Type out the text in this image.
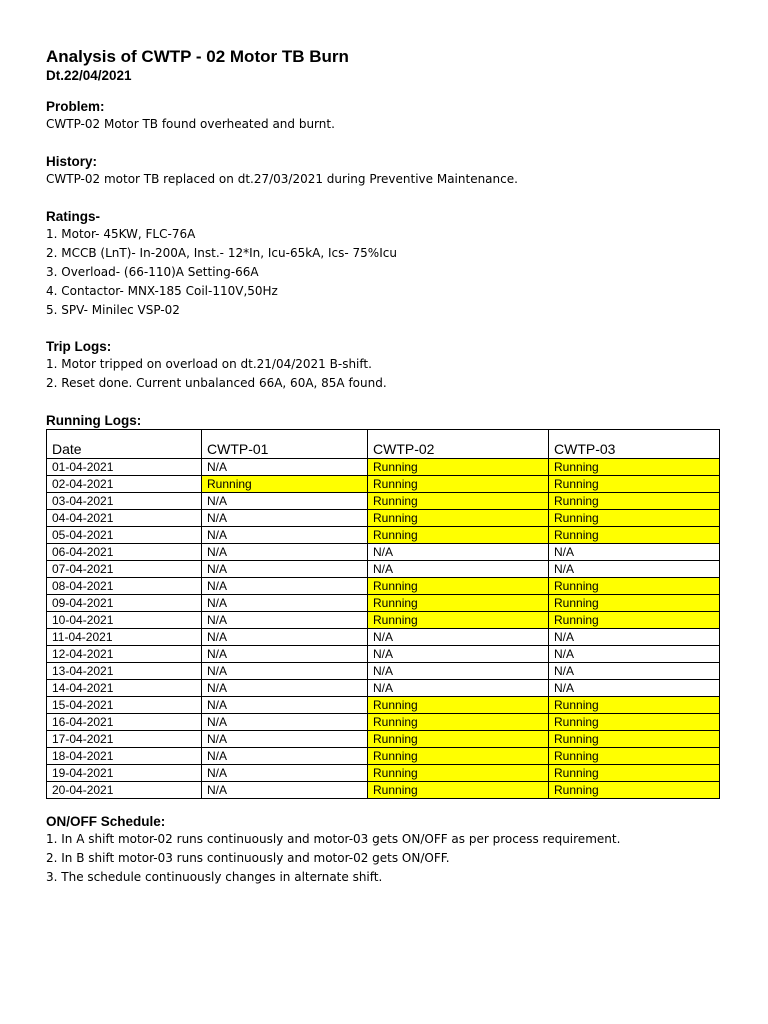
Analysis of CWTP - 02 Motor TB Burn

Dt.22/04/2021

Problem:

CWTP-02 Motor TB found overheated and burnt.

History:

CWTP-02 motor TB replaced on dt.27/03/2021 during Preventive Maintenance.

Ratings-

1. Motor- 45KW, FLC-76A

2. MCCB (LnT)- In-200A, Inst.- 12*In, Icu-65kA, Ics- 75%Icu

3. Overload- (66-110)A Setting-66A

4. Contactor- MNX-185 Coil-110V,50Hz

5. SPV- Minilec VSP-02

Trip Logs:

1. Motor tripped on overload on dt.21/04/2021 B-shift.

2. Reset done. Current unbalanced 66A, 60A, 85A found.

Running Logs:

Date	CWTP-01	CWTP-02	CWTP-03
01-04-2021	N/A	Running	Running
02-04-2021	Running	Running	Running
03-04-2021	N/A	Running	Running
04-04-2021	N/A	Running	Running
05-04-2021	N/A	Running	Running
06-04-2021	N/A	N/A	N/A
07-04-2021	N/A	N/A	N/A
08-04-2021	N/A	Running	Running
09-04-2021	N/A	Running	Running
10-04-2021	N/A	Running	Running
11-04-2021	N/A	N/A	N/A
12-04-2021	N/A	N/A	N/A
13-04-2021	N/A	N/A	N/A
14-04-2021	N/A	N/A	N/A
15-04-2021	N/A	Running	Running
16-04-2021	N/A	Running	Running
17-04-2021	N/A	Running	Running
18-04-2021	N/A	Running	Running
19-04-2021	N/A	Running	Running
20-04-2021	N/A	Running	Running

ON/OFF Schedule:

1. In A shift motor-02 runs continuously and motor-03 gets ON/OFF as per process requirement.

2. In B shift motor-03 runs continuously and motor-02 gets ON/OFF.

3. The schedule continuously changes in alternate shift.
